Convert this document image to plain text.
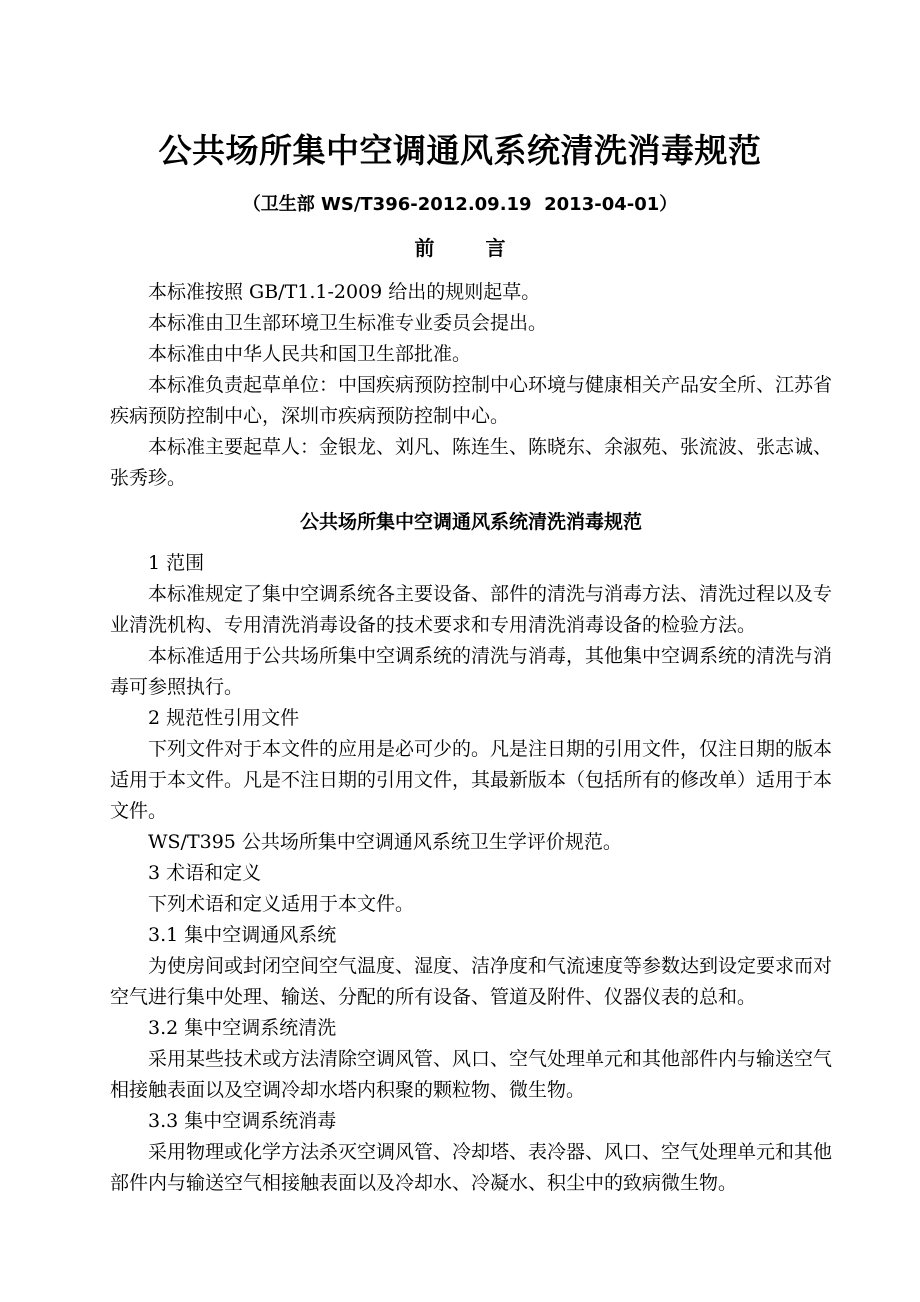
公共场所集中空调通风系统清洗消毒规范

（卫生部 WS/T396-2012.09.19  2013-04-01）

前 言

本标准按照 GB/T1.1-2009 给出的规则起草。

本标准由卫生部环境卫生标准专业委员会提出。

本标准由中华人民共和国卫生部批准。

本标准负责起草单位：中国疾病预防控制中心环境与健康相关产品安全所、江苏省疾病预防控制中心，深圳市疾病预防控制中心。

本标准主要起草人：金银龙、刘凡、陈连生、陈晓东、余淑苑、张流波、张志诚、张秀珍。

公共场所集中空调通风系统清洗消毒规范

1 范围

本标准规定了集中空调系统各主要设备、部件的清洗与消毒方法、清洗过程以及专业清洗机构、专用清洗消毒设备的技术要求和专用清洗消毒设备的检验方法。

本标准适用于公共场所集中空调系统的清洗与消毒，其他集中空调系统的清洗与消毒可参照执行。

2 规范性引用文件

下列文件对于本文件的应用是必可少的。凡是注日期的引用文件，仅注日期的版本适用于本文件。凡是不注日期的引用文件，其最新版本（包括所有的修改单）适用于本文件。

WS/T395 公共场所集中空调通风系统卫生学评价规范。

3 术语和定义

下列术语和定义适用于本文件。

3.1 集中空调通风系统

为使房间或封闭空间空气温度、湿度、洁净度和气流速度等参数达到设定要求而对空气进行集中处理、输送、分配的所有设备、管道及附件、仪器仪表的总和。

3.2 集中空调系统清洗

采用某些技术或方法清除空调风管、风口、空气处理单元和其他部件内与输送空气相接触表面以及空调冷却水塔内积聚的颗粒物、微生物。

3.3 集中空调系统消毒

采用物理或化学方法杀灭空调风管、冷却塔、表冷器、风口、空气处理单元和其他部件内与输送空气相接触表面以及冷却水、冷凝水、积尘中的致病微生物。
